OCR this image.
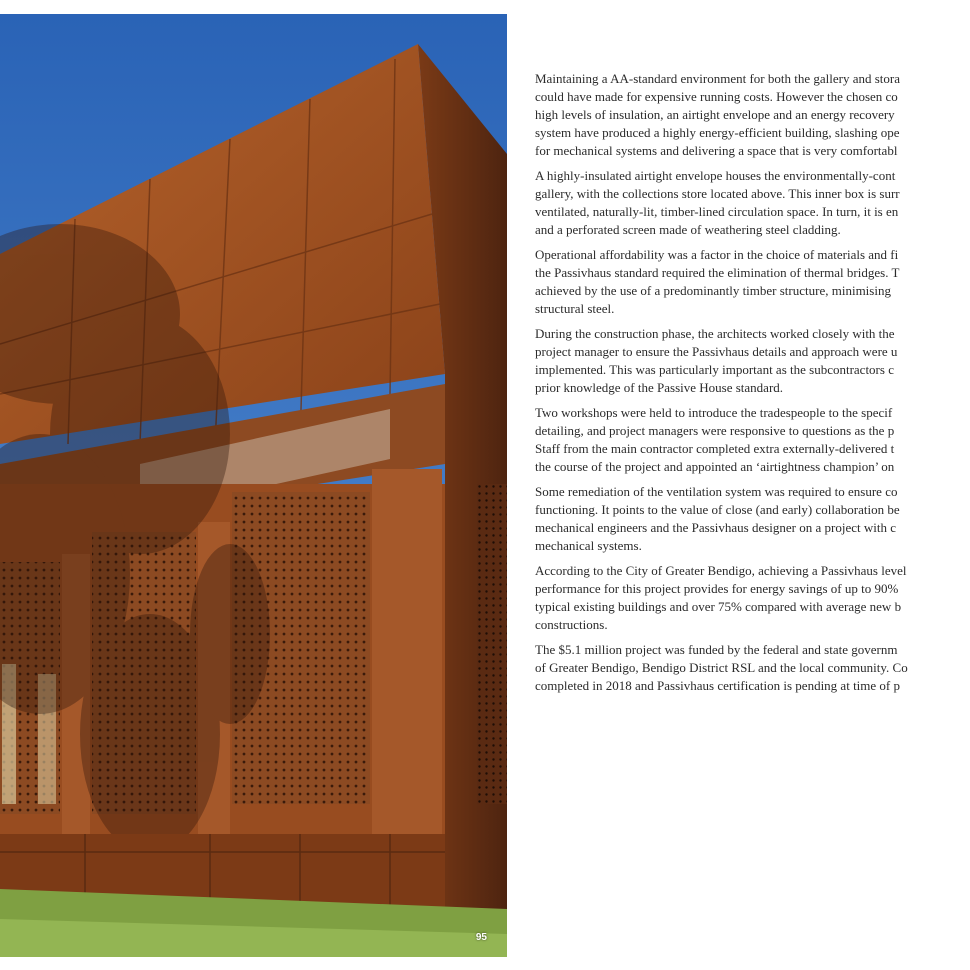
95

Maintaining a AA-standard environment for both the gallery and stora
could have made for expensive running costs. However the chosen co
high levels of insulation, an airtight envelope and an energy recovery
system have produced a highly energy-efficient building, slashing ope
for mechanical systems and delivering a space that is very comfortabl

A highly-insulated airtight envelope houses the environmentally-cont
gallery, with the collections store located above. This inner box is surr
ventilated, naturally-lit, timber-lined circulation space. In turn, it is en
and a perforated screen made of weathering steel cladding.

Operational affordability was a factor in the choice of materials and fi
the Passivhaus standard required the elimination of thermal bridges. T
achieved by the use of a predominantly timber structure, minimising
structural steel.

During the construction phase, the architects worked closely with the
project manager to ensure the Passivhaus details and approach were u
implemented. This was particularly important as the subcontractors c
prior knowledge of the Passive House standard.

Two workshops were held to introduce the tradespeople to the specif
detailing, and project managers were responsive to questions as the p
Staff from the main contractor completed extra externally-delivered t
the course of the project and appointed an ‘airtightness champion’ on

Some remediation of the ventilation system was required to ensure co
functioning. It points to the value of close (and early) collaboration be
mechanical engineers and the Passivhaus designer on a project with c
mechanical systems.

According to the City of Greater Bendigo, achieving a Passivhaus level
performance for this project provides for energy savings of up to 90%
typical existing buildings and over 75% compared with average new b
constructions.

The $5.1 million project was funded by the federal and state governm
of Greater Bendigo, Bendigo District RSL and the local community. Co
completed in 2018 and Passivhaus certification is pending at time of p
